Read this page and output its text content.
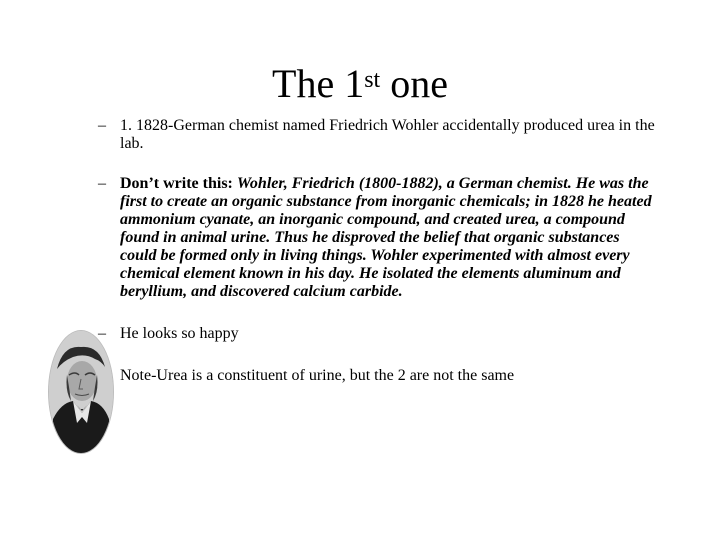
The 1st one
– 1. 1828-German chemist named Friedrich Wohler accidentally produced urea in the lab.
– Don’t write this: Wohler, Friedrich (1800-1882), a German chemist. He was the first to create an organic substance from inorganic chemicals; in 1828 he heated ammonium cyanate, an inorganic compound, and created urea, a compound found in animal urine. Thus he disproved the belief that organic substances could be formed only in living things. Wohler experimented with almost every chemical element known in his day. He isolated the elements aluminum and beryllium, and discovered calcium carbide.
– He looks so happy
Note-Urea is a constituent of urine, but the 2 are not the same
